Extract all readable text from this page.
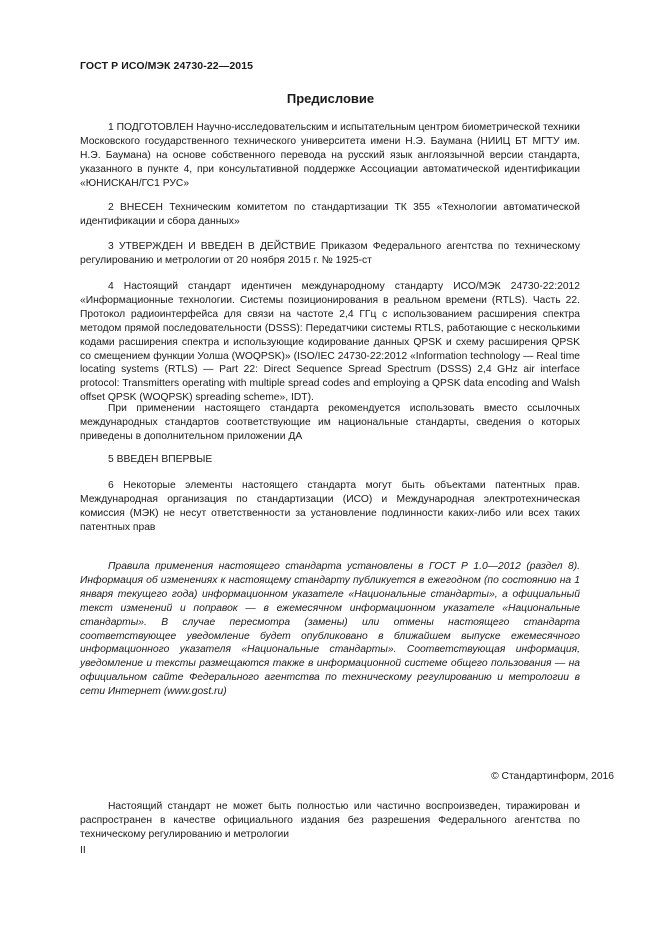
ГОСТ Р ИСО/МЭК 24730-22—2015
Предисловие
1 ПОДГОТОВЛЕН Научно-исследовательским и испытательным центром биометрической техники Московского государственного технического университета имени Н.Э. Баумана (НИИЦ БТ МГТУ им. Н.Э. Баумана) на основе собственного перевода на русский язык англоязычной версии стандарта, указанного в пункте 4, при консультативной поддержке Ассоциации автоматической идентификации «ЮНИСКАН/ГС1 РУС»
2 ВНЕСЕН Техническим комитетом по стандартизации ТК 355 «Технологии автоматической идентификации и сбора данных»
3 УТВЕРЖДЕН И ВВЕДЕН В ДЕЙСТВИЕ Приказом Федерального агентства по техническому регулированию и метрологии от 20 ноября 2015 г. № 1925-ст
4 Настоящий стандарт идентичен международному стандарту ИСО/МЭК 24730-22:2012 «Информационные технологии. Системы позиционирования в реальном времени (RTLS). Часть 22. Протокол радиоинтерфейса для связи на частоте 2,4 ГГц с использованием расширения спектра методом прямой последовательности (DSSS): Передатчики системы RTLS, работающие с несколькими кодами расширения спектра и использующие кодирование данных QPSK и схему расширения QPSK со смещением функции Уолша (WOQPSK)» (ISO/IEC 24730-22:2012 «Information technology — Real time locating systems (RTLS) — Part 22: Direct Sequence Spread Spectrum (DSSS) 2,4 GHz air interface protocol: Transmitters operating with multiple spread codes and employing a QPSK data encoding and Walsh offset QPSK (WOQPSK) spreading scheme», IDT).
При применении настоящего стандарта рекомендуется использовать вместо ссылочных международных стандартов соответствующие им национальные стандарты, сведения о которых приведены в дополнительном приложении ДА
5 ВВЕДЕН ВПЕРВЫЕ
6 Некоторые элементы настоящего стандарта могут быть объектами патентных прав. Международная организация по стандартизации (ИСО) и Международная электротехническая комиссия (МЭК) не несут ответственности за установление подлинности каких-либо или всех таких патентных прав
Правила применения настоящего стандарта установлены в ГОСТ Р 1.0—2012 (раздел 8). Информация об изменениях к настоящему стандарту публикуется в ежегодном (по состоянию на 1 января текущего года) информационном указателе «Национальные стандарты», а официальный текст изменений и поправок — в ежемесячном информационном указателе «Национальные стандарты». В случае пересмотра (замены) или отмены настоящего стандарта соответствующее уведомление будет опубликовано в ближайшем выпуске ежемесячного информационного указателя «Национальные стандарты». Соответствующая информация, уведомление и тексты размещаются также в информационной системе общего пользования — на официальном сайте Федерального агентства по техническому регулированию и метрологии в сети Интернет (www.gost.ru)
© Стандартинформ, 2016
Настоящий стандарт не может быть полностью или частично воспроизведен, тиражирован и распространен в качестве официального издания без разрешения Федерального агентства по техническому регулированию и метрологии
II
